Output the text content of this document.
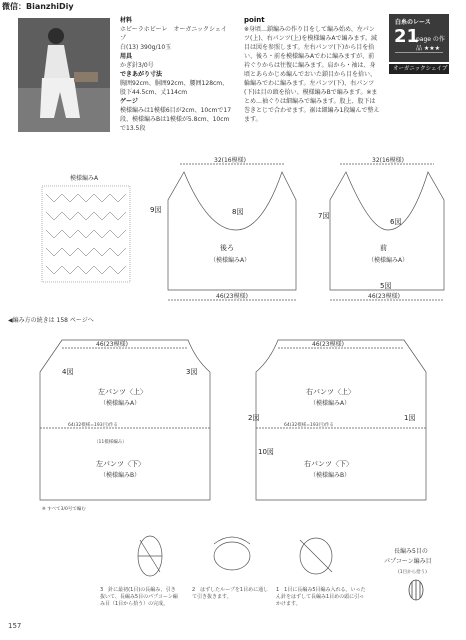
微信：BianzhiDiy
材料
ホビーラホビーレ　オーガニックシェイプ
白(13) 390g/10玉
用具
かぎ針3/0号
できあがり寸法
胸囲92cm、胴囲92cm、腰囲128cm、股下44.5cm、丈114cm
ゲージ
模様編みは1模様6目が2cm、10cmで17段、模様編みBは1模様が5.8cm、10cmで13.5段
point
※身頃…鎖編みの作り目をして編み始め、左パンツ(上)、右パンツ(上)を模様編みAで編みます。減目は図を参照します。左右パンツ(下)から目を拾い、後ろ・前を模様編みAでわに編みますが、前衿ぐりからは往復に編みます。肩から・袖は、身頃とあらかじめ編んでおいた鎖目から目を拾い、輪編みでわに編みます。左パンツ(下)、右パンツ(下)は目の頭を拾い、模様編みBで編みます。※まとめ…袖ぐりは細編みで編みます。股上、股下は巻きとじで合わせます。裾は細編み1段編んで整えます。
白糸のレース
21
page の作品 ★★★
オーガニックシェイプ
模様編みA
32(16模様)
9図	8図
後ろ
（模様編みA）
46(23模様)
32(16模様)
7図
6図
前
（模様編みA）
5図
46(23模様)
◀編み方の続きは 158 ページへ
46(23模様)
4図	3図
左パンツ〈上〉
（模様編みA）
64(32模様=193目)作る
（11模様編み）
左パンツ〈下〉
（模様編みB）
46(23模様)
2図	1図
右パンツ〈上〉
（模様編みA）
64(32模様=193目)作る
10図
右パンツ〈下〉
（模様編みB）
※ すべて3/0号で編む
長編み5目の
パプコーン編み目
(1目から拾う)
3　針に最初(1目)の長編み、引き抜いて、長編み5目のパプコーン編み目（1目から拾う）の完成。
2　はずしたループを1目めに通して引き抜きます。
1　1目に長編み5目編み入れる。いったん針をはずして長編み1目めの頭に引っかけます。
157
